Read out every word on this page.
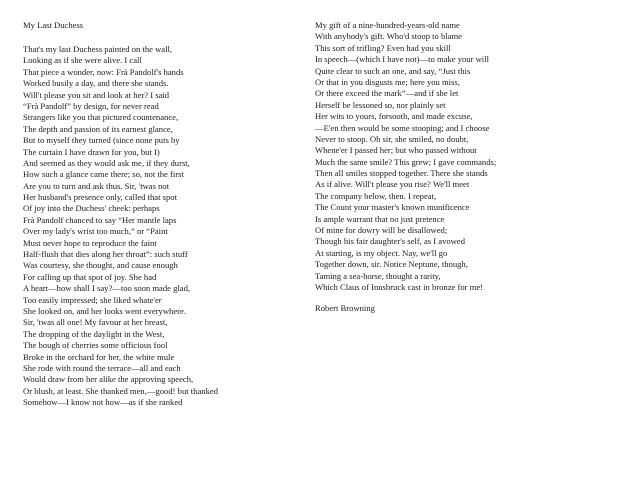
My Last Duchess
That's my last Duchess painted on the wall,
Looking as if she were alive. I call
That piece a wonder, now: Frà Pandolf's hands
Worked busily a day, and there she stands.
Will't please you sit and look at her? I said
“Frà Pandolf” by design, for never read
Strangers like you that pictured countenance,
The depth and passion of its earnest glance,
But to myself they turned (since none puts by
The curtain I have drawn for you, but I)
And seemed as they would ask me, if they durst,
How such a glance came there; so, not the first
Are you to turn and ask thus. Sir, 'twas not
Her husband's presence only, called that spot
Of joy into the Duchess' cheek: perhaps
Frà Pandolf chanced to say “Her mantle laps
Over my lady's wrist too much,” or “Paint
Must never hope to reproduce the faint
Half-flush that dies along her throat”: such stuff
Was courtesy, she thought, and cause enough
For calling up that spot of joy. She had
A heart—how shall I say?—too soon made glad,
Too easily impressed; she liked whate'er
She looked on, and her looks went everywhere.
Sir, 'twas all one! My favour at her breast,
The dropping of the daylight in the West,
The bough of cherries some officious fool
Broke in the orchard for her, the white mule
She rode with round the terrace—all and each
Would draw from her alike the approving speech,
Or blush, at least. She thanked men,—good! but thanked
Somehow—I know not how—as if she ranked
My gift of a nine-hundred-years-old name
With anybody's gift. Who'd stoop to blame
This sort of trifling? Even had you skill
In speech—(which I have not)—to make your will
Quite clear to such an one, and say, “Just this
Or that in you disgusts me; here you miss,
Or there exceed the mark”—and if she let
Herself be lessoned so, nor plainly set
Her wits to yours, forsooth, and made excuse,
—E'en then would be some stooping; and I choose
Never to stoop. Oh sir, she smiled, no doubt,
Whene'er I passed her; but who passed without
Much the same smile? This grew; I gave commands;
Then all smiles stopped together. There she stands
As if alive. Will't please you rise? We'll meet
The company below, then. I repeat,
The Count your master's known munificence
Is ample warrant that no just pretence
Of mine for dowry will be disallowed;
Though his fair daughter's self, as I avowed
At starting, is my object. Nay, we'll go
Together down, sir. Notice Neptune, though,
Taming a sea-horse, thought a rarity,
Which Claus of Innsbruck cast in bronze for me!
Robert Browning
